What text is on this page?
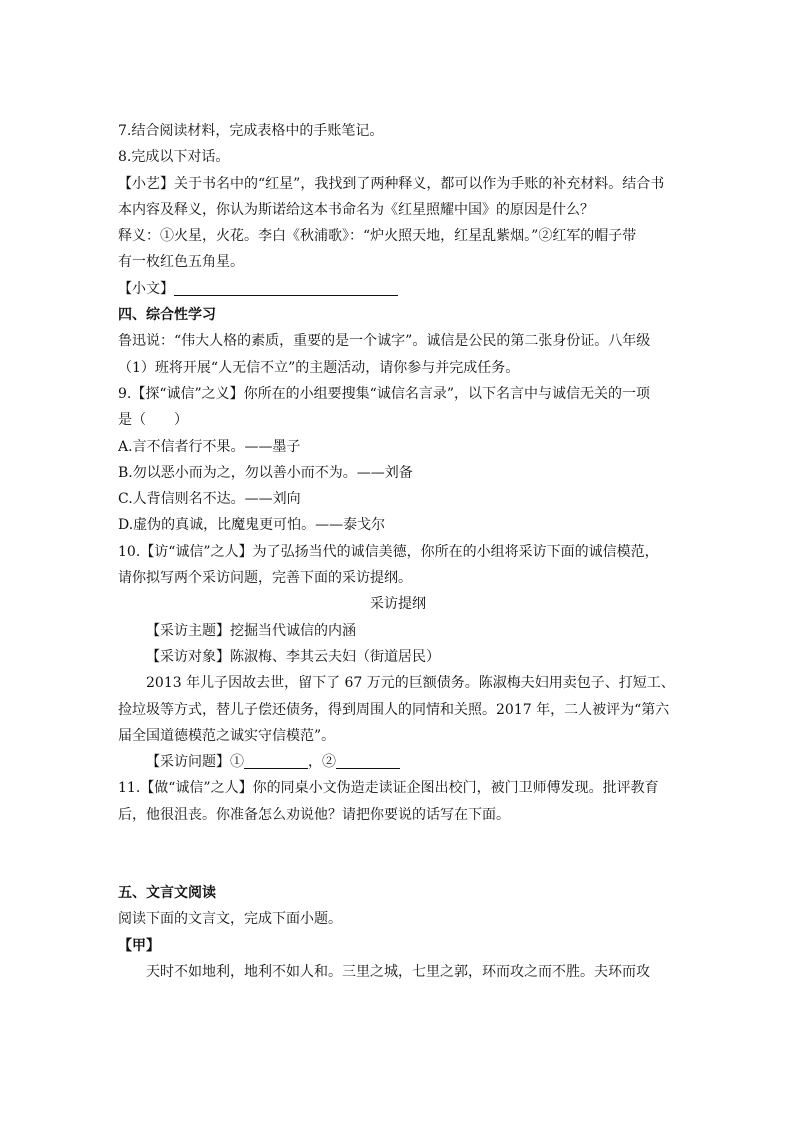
7.结合阅读材料，完成表格中的手账笔记。
8.完成以下对话。
【小艺】关于书名中的“红星”，我找到了两种释义，都可以作为手账的补充材料。结合书
本内容及释义，你认为斯诺给这本书命名为《红星照耀中国》的原因是什么？
释义：①火星，火花。李白《秋浦歌》：“炉火照天地，红星乱紫烟。”②红军的帽子带
有一枚红色五角星。
【小文】
四、综合性学习
鲁迅说：“伟大人格的素质，重要的是一个诚字”。诚信是公民的第二张身份证。八年级
（1）班将开展“人无信不立”的主题活动，请你参与并完成任务。
9.【探“诚信”之义】你所在的小组要搜集“诚信名言录”，以下名言中与诚信无关的一项
是（　　）
A.言不信者行不果。——墨子
B.勿以恶小而为之，勿以善小而不为。——刘备
C.人背信则名不达。——刘向
D.虚伪的真诚，比魔鬼更可怕。——泰戈尔
10.【访“诚信”之人】为了弘扬当代的诚信美德，你所在的小组将采访下面的诚信模范，
请你拟写两个采访问题，完善下面的采访提纲。
采访提纲
【采访主题】挖掘当代诚信的内涵
【采访对象】陈淑梅、李其云夫妇（街道居民）
2013 年儿子因故去世，留下了 67 万元的巨额债务。陈淑梅夫妇用卖包子、打短工、
捡垃圾等方式，替儿子偿还债务，得到周围人的同情和关照。2017 年，二人被评为“第六
届全国道德模范之诚实守信模范”。
【采访问题】①	，②
11.【做“诚信”之人】你的同桌小文伪造走读证企图出校门，被门卫师傅发现。批评教育
后，他很沮丧。你准备怎么劝说他？请把你要说的话写在下面。
五、文言文阅读
阅读下面的文言文，完成下面小题。
【甲】
天时不如地利，地利不如人和。三里之城，七里之郭，环而攻之而不胜。夫环而攻
